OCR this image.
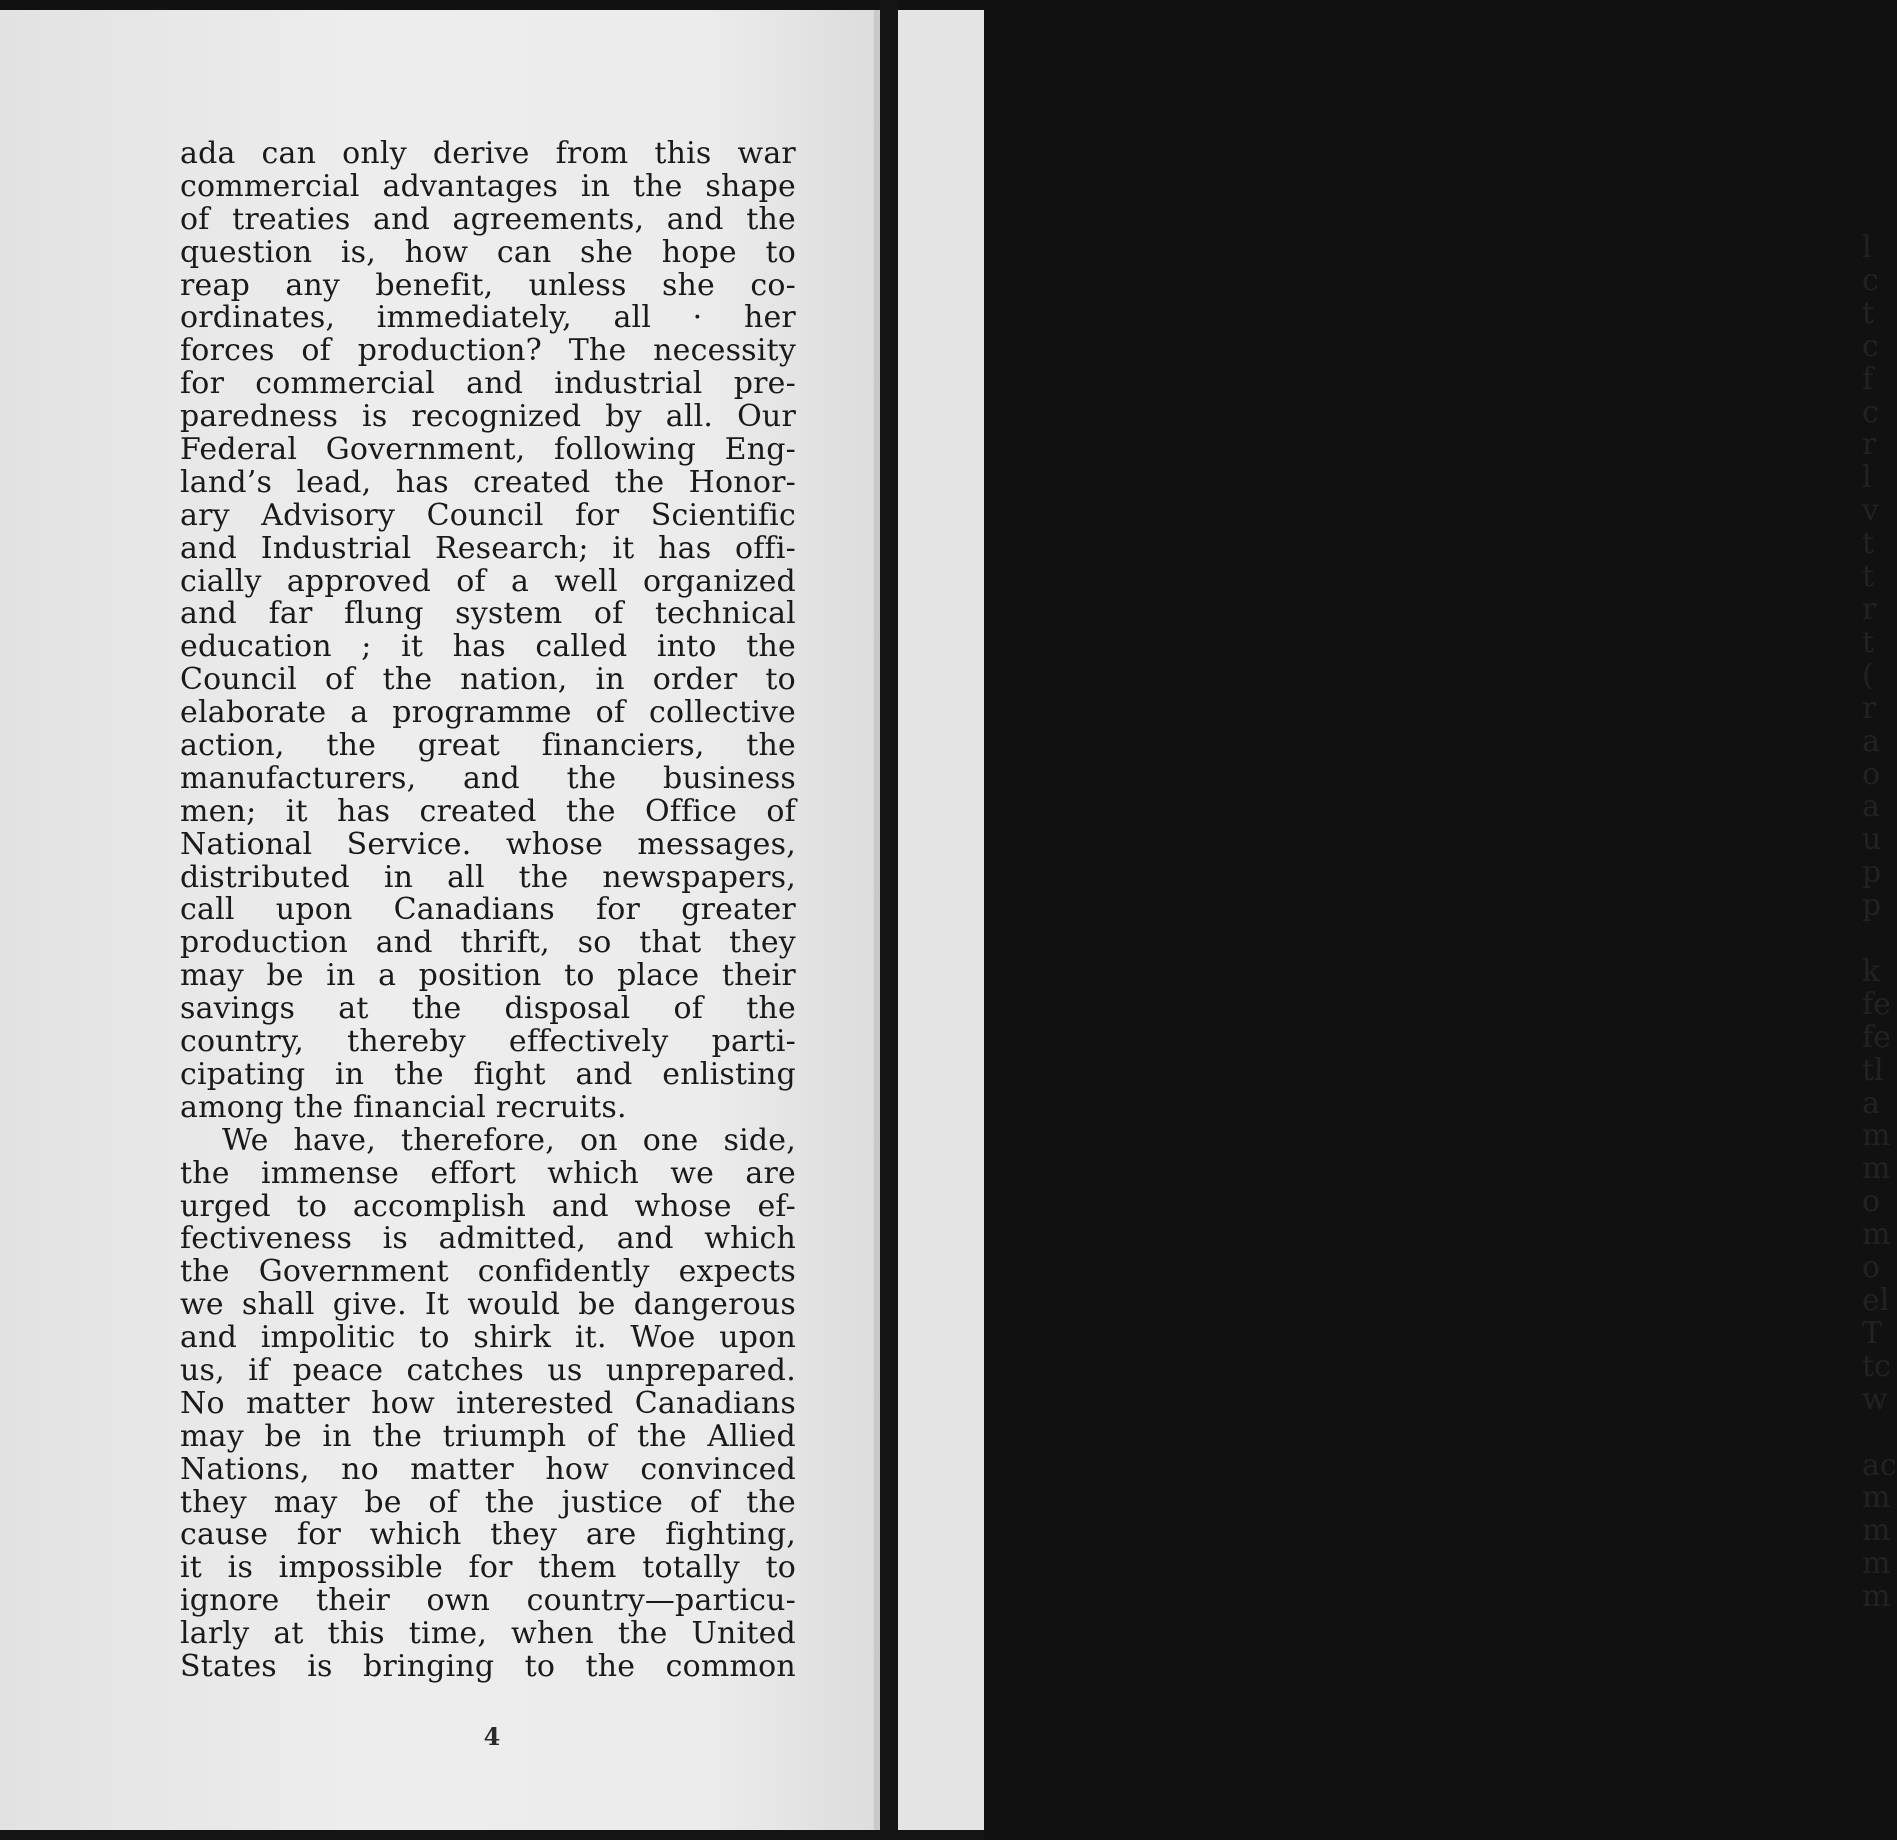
ada can only derive from this war
commercial advantages in the shape
of treaties and agreements, and the
question is, how can she hope to
reap any benefit, unless she co-
ordinates, immediately, all · her
forces of production? The necessity
for commercial and industrial pre-
paredness is recognized by all. Our
Federal Government, following Eng-
land’s lead, has created the Honor-
ary Advisory Council for Scientific
and Industrial Research; it has offi-
cially approved of a well organized
and far flung system of technical
education ; it has called into the
Council of the nation, in order to
elaborate a programme of collective
action, the great financiers, the
manufacturers, and the business
men; it has created the Office of
National Service. whose messages,
distributed in all the newspapers,
call upon Canadians for greater
production and thrift, so that they
may be in a position to place their
savings at the disposal of the
country, thereby effectively parti-
cipating in the fight and enlisting
among the financial recruits.
We have, therefore, on one side,
the immense effort which we are
urged to accomplish and whose ef-
fectiveness is admitted, and which
the Government confidently expects
we shall give. It would be dangerous
and impolitic to shirk it. Woe upon
us, if peace catches us unprepared.
No matter how interested Canadians
may be in the triumph of the Allied
Nations, no matter how convinced
they may be of the justice of the
cause for which they are fighting,
it is impossible for them totally to
ignore their own country—particu-
larly at this time, when the United
States is bringing to the common
4
l
c
t
c
f
c
r
l
v
t
t
r
t
(
r
a
o
a
u
p
p

k
fe
fe
tl
a
m
m
o
m
o
el
T
tc
w

ac
m
m
m
m
